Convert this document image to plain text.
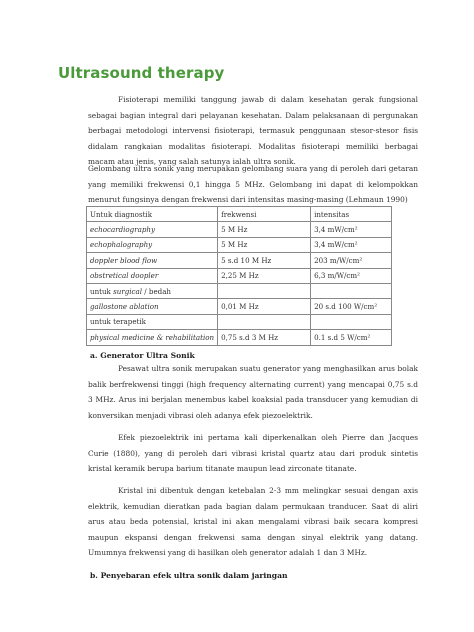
Ultrasound therapy

Fisioterapi memiliki tanggung jawab di dalam kesehatan gerak fungsional sebagai bagian integral dari pelayanan kesehatan. Dalam pelaksanaan di pergunakan berbagai metodologi intervensi fisioterapi, termasuk penggunaan stesor-stesor fisis didalam rangkaian modalitas fisioterapi. Modalitas fisioterapi memiliki berbagai macam atau jenis, yang salah satunya ialah ultra sonik.

Gelombang ultra sonik yang merupakan gelombang suara yang di peroleh dari getaran yang memiliki frekwensi 0,1 hingga 5 MHz. Gelombang ini dapat di kelompokkan menurut fungsinya dengan frekwensi dari intensitas masing-masing (Lehmaun 1990)

Untuk diagnostik	frekwensi	intensitas
echocardiography	5 M Hz	3,4 mW/cm²
echophalography	5 M Hz	3,4 mW/cm²
doppler blood flow	5 s.d 10 M Hz	203 m/W/cm²
obstretical doopler	2,25 M Hz	6,3 m/W/cm²
untuk surgical / bedah		
gallostone ablation	0,01 M Hz	20 s.d 100 W/cm²
untuk terapetik		
physical medicine & rehabilitation	0,75 s.d 3 M Hz	0.1 s.d 5 W/cm²
a. Generator Ultra Sonik

Pesawat ultra sonik merupakan suatu generator yang menghasilkan arus bolak balik berfrekwensi tinggi (high frequency alternating current) yang mencapai 0,75 s.d 3 MHz. Arus ini berjalan menembus kabel koaksial pada transducer yang kemudian di konversikan menjadi vibrasi oleh adanya efek piezoelektrik.

Efek piezoelektrik ini pertama kali diperkenalkan oleh Pierre dan Jacques Curie (1880), yang di peroleh dari vibrasi kristal quartz atau dari produk sintetis kristal keramik berupa barium titanate maupun lead zirconate titanate.

Kristal ini dibentuk dengan ketebalan 2-3 mm melingkar sesuai dengan axis elektrik, kemudian dieratkan pada bagian dalam permukaan tranducer. Saat di aliri arus atau beda potensial, kristal ini akan mengalami vibrasi baik secara kompresi maupun ekspansi dengan frekwensi sama dengan sinyal elektrik yang datang. Umumnya frekwensi yang di hasilkan oleh generator adalah 1 dan 3 MHz.

b. Penyebaran efek ultra sonik dalam jaringan
